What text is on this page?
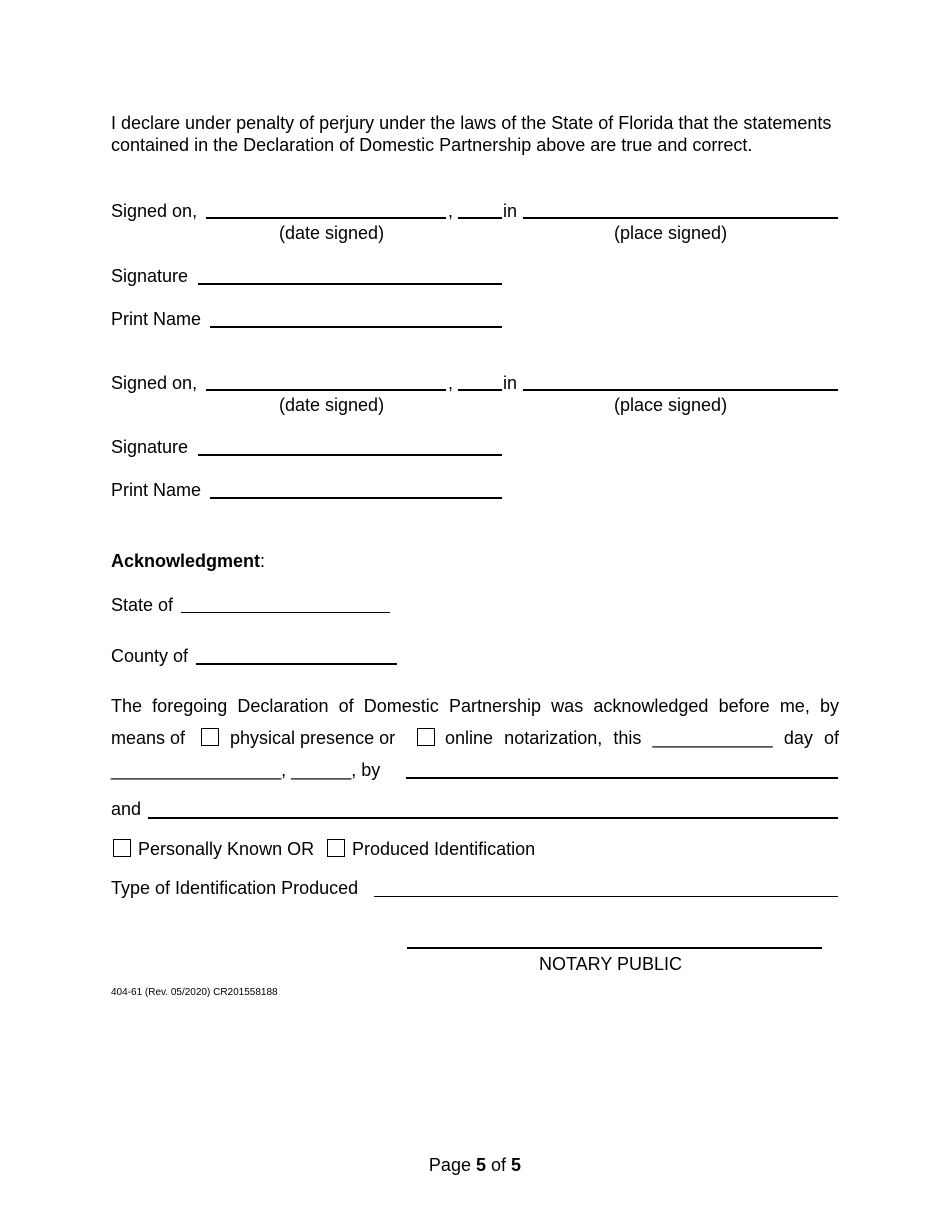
I declare under penalty of perjury under the laws of the State of Florida that the statements contained in the Declaration of Domestic Partnership above are true and correct.
Signed on,	,	in
(date signed)	(place signed)
Signature
Print Name
Signed on,	,	in
(date signed)	(place signed)
Signature
Print Name
Acknowledgment:
State of
County of
The foregoing Declaration of Domestic Partnership was acknowledged before me, by
means of physical presence or	online notarization, this ____________ day of
_________________, ______, by
and
Personally Known OR Produced Identification
Type of Identification Produced
NOTARY PUBLIC
404-61 (Rev. 05/2020) CR201558188
Page 5 of 5
